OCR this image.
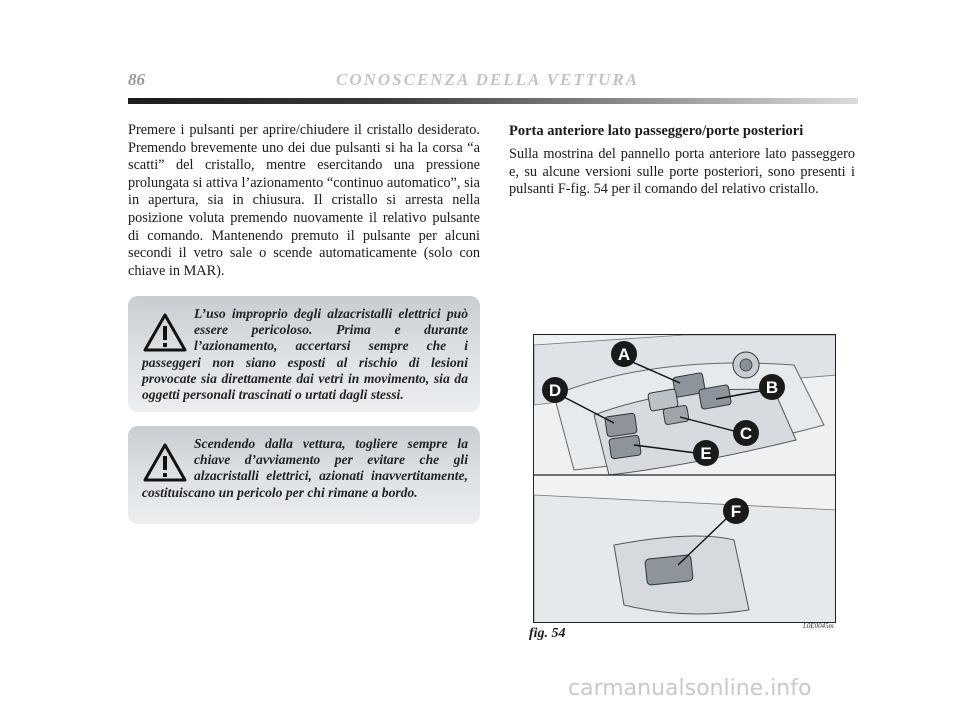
86	CONOSCENZA DELLA VETTURA

Premere i pulsanti per aprire/chiudere il cristallo desiderato. Premendo brevemente uno dei due pulsanti si ha la corsa “a scatti” del cristallo, mentre esercitando una pressione prolungata si attiva l’azionamento “continuo automatico”, sia in apertura, sia in chiusura. Il cristallo si arresta nella posizione voluta premendo nuovamente il relativo pulsante di comando. Mantenendo premuto il pulsante per alcuni secondi il vetro sale o scende automaticamente (solo con chiave in MAR).

L’uso improprio degli alzacristalli elettrici può essere pericoloso. Prima e durante l’azionamento, accertarsi sempre che i passeggeri non siano esposti al rischio di lesioni provocate sia direttamente dai vetri in movimento, sia da oggetti personali trascinati o urtati dagli stessi.

Scendendo dalla vettura, togliere sempre la chiave d’avviamento per evitare che gli alzacristalli elettrici, azionati inavvertitamente, costituiscano un pericolo per chi rimane a bordo.

Porta anteriore lato passeggero/porte posteriori

Sulla mostrina del pannello porta anteriore lato passeggero e, su alcune versioni sulle porte posteriori, sono presenti i pulsanti F-fig. 54 per il comando del relativo cristallo.

A
B
C
D
E
F
fig. 54	L0E0045m
carmanualsonline.info
